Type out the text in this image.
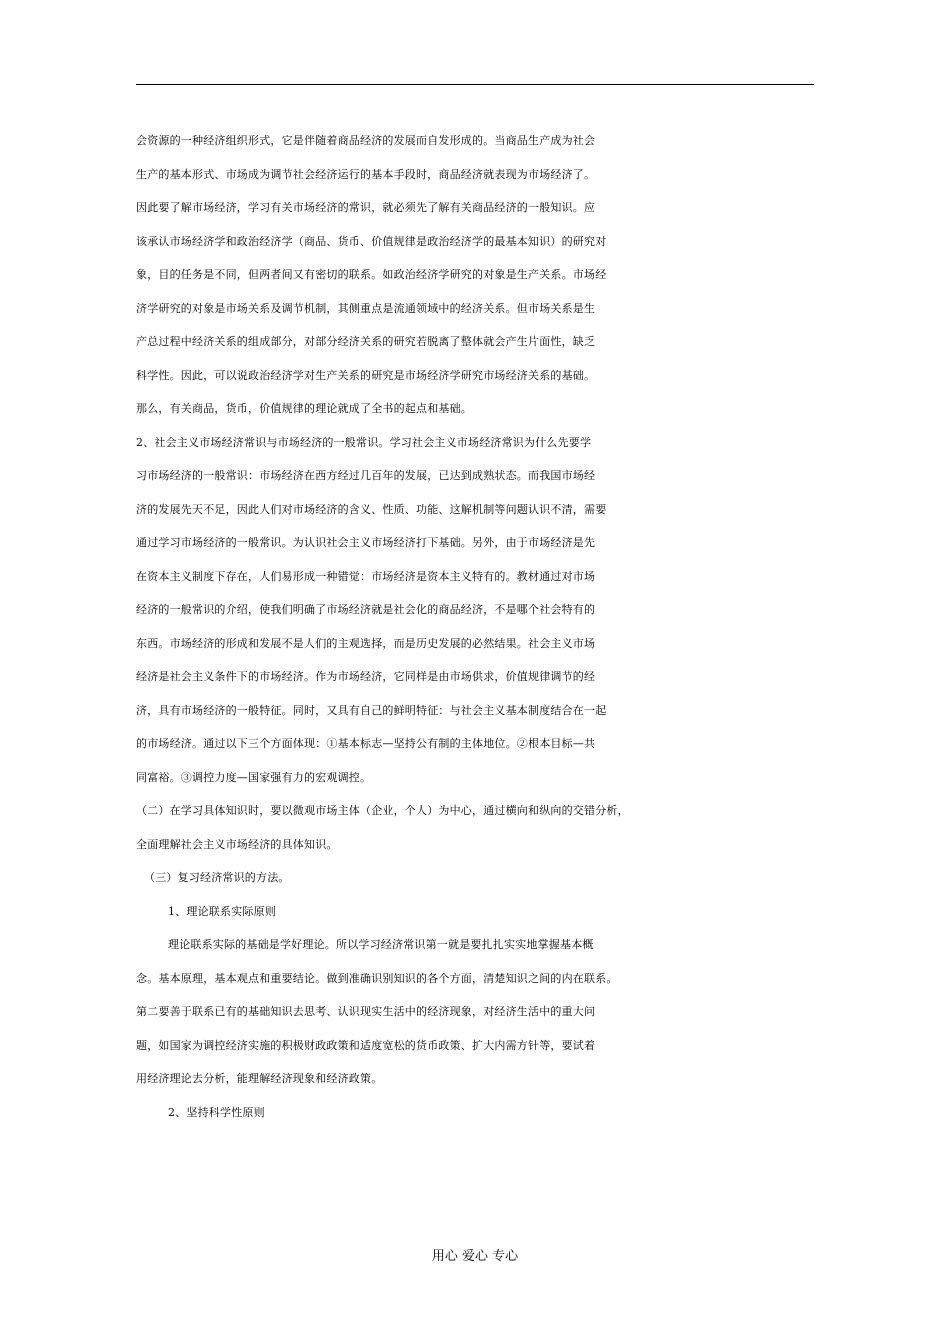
会资源的一种经济组织形式，它是伴随着商品经济的发展而自发形成的。当商品生产成为社会
生产的基本形式、市场成为调节社会经济运行的基本手段时，商品经济就表现为市场经济了。
因此要了解市场经济，学习有关市场经济的常识，就必须先了解有关商品经济的一般知识。应
该承认市场经济学和政治经济学（商品、货币、价值规律是政治经济学的最基本知识）的研究对
象，目的任务是不同，但两者间又有密切的联系。如政治经济学研究的对象是生产关系。市场经
济学研究的对象是市场关系及调节机制，其侧重点是流通领域中的经济关系。但市场关系是生
产总过程中经济关系的组成部分，对部分经济关系的研究若脱离了整体就会产生片面性，缺乏
科学性。因此，可以说政治经济学对生产关系的研究是市场经济学研究市场经济关系的基础。
那么，有关商品，货币，价值规律的理论就成了全书的起点和基础。
2、社会主义市场经济常识与市场经济的一般常识。学习社会主义市场经济常识为什么先要学
习市场经济的一般常识：市场经济在西方经过几百年的发展，已达到成熟状态。而我国市场经
济的发展先天不足，因此人们对市场经济的含义、性质、功能、这解机制等问题认识不清，需要
通过学习市场经济的一般常识。为认识社会主义市场经济打下基础。另外，由于市场经济是先
在资本主义制度下存在，人们易形成一种错觉：市场经济是资本主义特有的。教材通过对市场
经济的一般常识的介绍，使我们明确了市场经济就是社会化的商品经济，不是哪个社会特有的
东西。市场经济的形成和发展不是人们的主观选择，而是历史发展的必然结果。社会主义市场
经济是社会主义条件下的市场经济。作为市场经济，它同样是由市场供求，价值规律调节的经
济，具有市场经济的一般特征。同时，又具有自己的鲜明特征：与社会主义基本制度结合在一起
的市场经济。通过以下三个方面体现：①基本标志—坚持公有制的主体地位。②根本目标—共
同富裕。③调控力度—国家强有力的宏观调控。
（二）在学习具体知识时，要以微观市场主体（企业，个人）为中心，通过横向和纵向的交错分析，
全面理解社会主义市场经济的具体知识。
（三）复习经济常识的方法。
1、理论联系实际原则
理论联系实际的基础是学好理论。所以学习经济常识第一就是要扎扎实实地掌握基本概
念。基本原理，基本观点和重要结论。做到准确识别知识的各个方面，清楚知识之间的内在联系。
第二要善于联系已有的基础知识去思考、认识现实生活中的经济现象，对经济生活中的重大问
题，如国家为调控经济实施的积极财政政策和适度宽松的货币政策、扩大内需方针等，要试着
用经济理论去分析，能理解经济现象和经济政策。
2、坚持科学性原则
用心 爱心 专心
